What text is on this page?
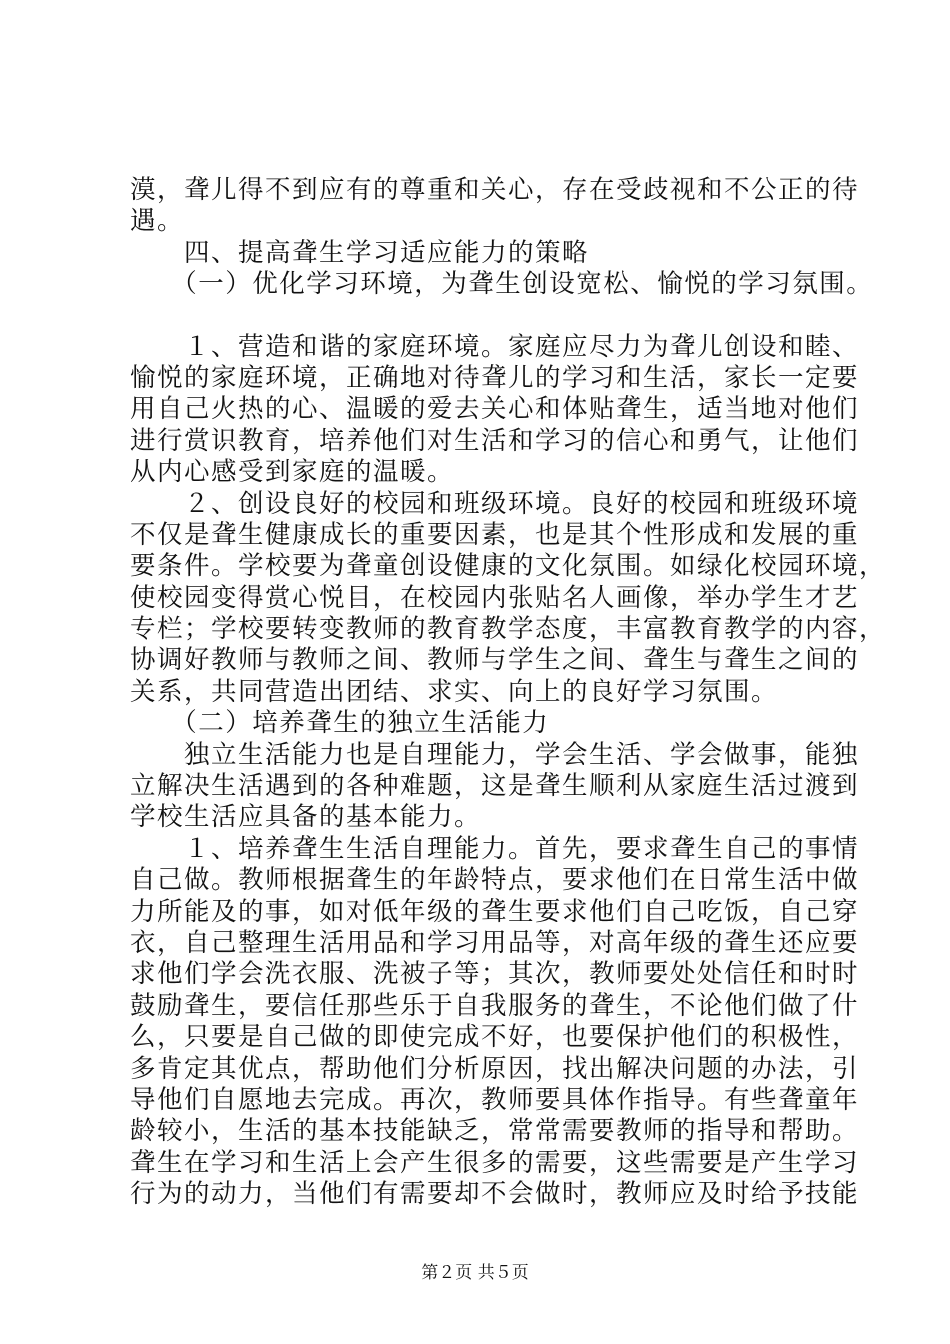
漠，聋儿得不到应有的尊重和关心，存在受歧视和不公正的待
遇。
　　四、提高聋生学习适应能力的策略
　　（一）优化学习环境，为聋生创设宽松、愉悦的学习氛围。
　　１、营造和谐的家庭环境。家庭应尽力为聋儿创设和睦、
愉悦的家庭环境，正确地对待聋儿的学习和生活，家长一定要
用自己火热的心、温暖的爱去关心和体贴聋生，适当地对他们
进行赏识教育，培养他们对生活和学习的信心和勇气，让他们
从内心感受到家庭的温暖。
　　２、创设良好的校园和班级环境。良好的校园和班级环境
不仅是聋生健康成长的重要因素，也是其个性形成和发展的重
要条件。学校要为聋童创设健康的文化氛围。如绿化校园环境，
使校园变得赏心悦目，在校园内张贴名人画像，举办学生才艺
专栏；学校要转变教师的教育教学态度，丰富教育教学的内容，
协调好教师与教师之间、教师与学生之间、聋生与聋生之间的
关系，共同营造出团结、求实、向上的良好学习氛围。
　　（二）培养聋生的独立生活能力
　　独立生活能力也是自理能力，学会生活、学会做事，能独
立解决生活遇到的各种难题，这是聋生顺利从家庭生活过渡到
学校生活应具备的基本能力。
　　１、培养聋生生活自理能力。首先，要求聋生自己的事情
自己做。教师根据聋生的年龄特点，要求他们在日常生活中做
力所能及的事，如对低年级的聋生要求他们自己吃饭，自己穿
衣，自己整理生活用品和学习用品等，对高年级的聋生还应要
求他们学会洗衣服、洗被子等；其次，教师要处处信任和时时
鼓励聋生，要信任那些乐于自我服务的聋生，不论他们做了什
么，只要是自己做的即使完成不好，也要保护他们的积极性，
多肯定其优点，帮助他们分析原因，找出解决问题的办法，引
导他们自愿地去完成。再次，教师要具体作指导。有些聋童年
龄较小，生活的基本技能缺乏，常常需要教师的指导和帮助。
聋生在学习和生活上会产生很多的需要，这些需要是产生学习
行为的动力，当他们有需要却不会做时，教师应及时给予技能
第２页 共５页
